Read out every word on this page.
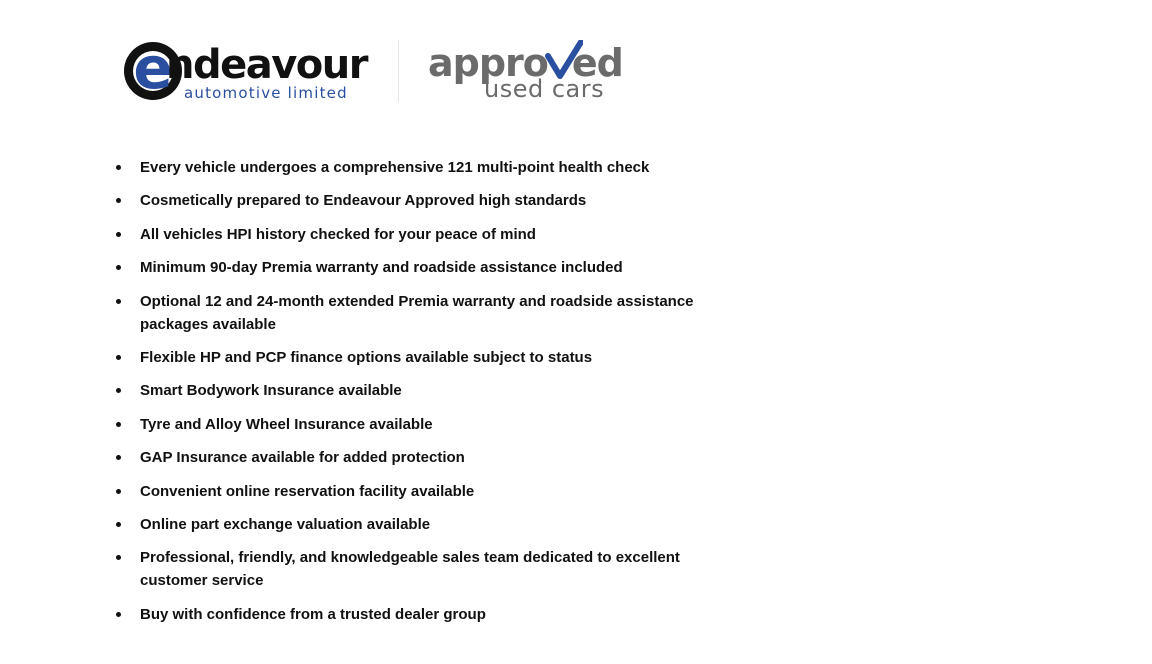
e
ndeavour
automotive limited
appro ed
used cars
Every vehicle undergoes a comprehensive 121 multi-point health check
Cosmetically prepared to Endeavour Approved high standards
All vehicles HPI history checked for your peace of mind
Minimum 90-day Premia warranty and roadside assistance included
Optional 12 and 24-month extended Premia warranty and roadside assistance packages available
Flexible HP and PCP finance options available subject to status
Smart Bodywork Insurance available
Tyre and Alloy Wheel Insurance available
GAP Insurance available for added protection
Convenient online reservation facility available
Online part exchange valuation available
Professional, friendly, and knowledgeable sales team dedicated to excellent customer service
Buy with confidence from a trusted dealer group
